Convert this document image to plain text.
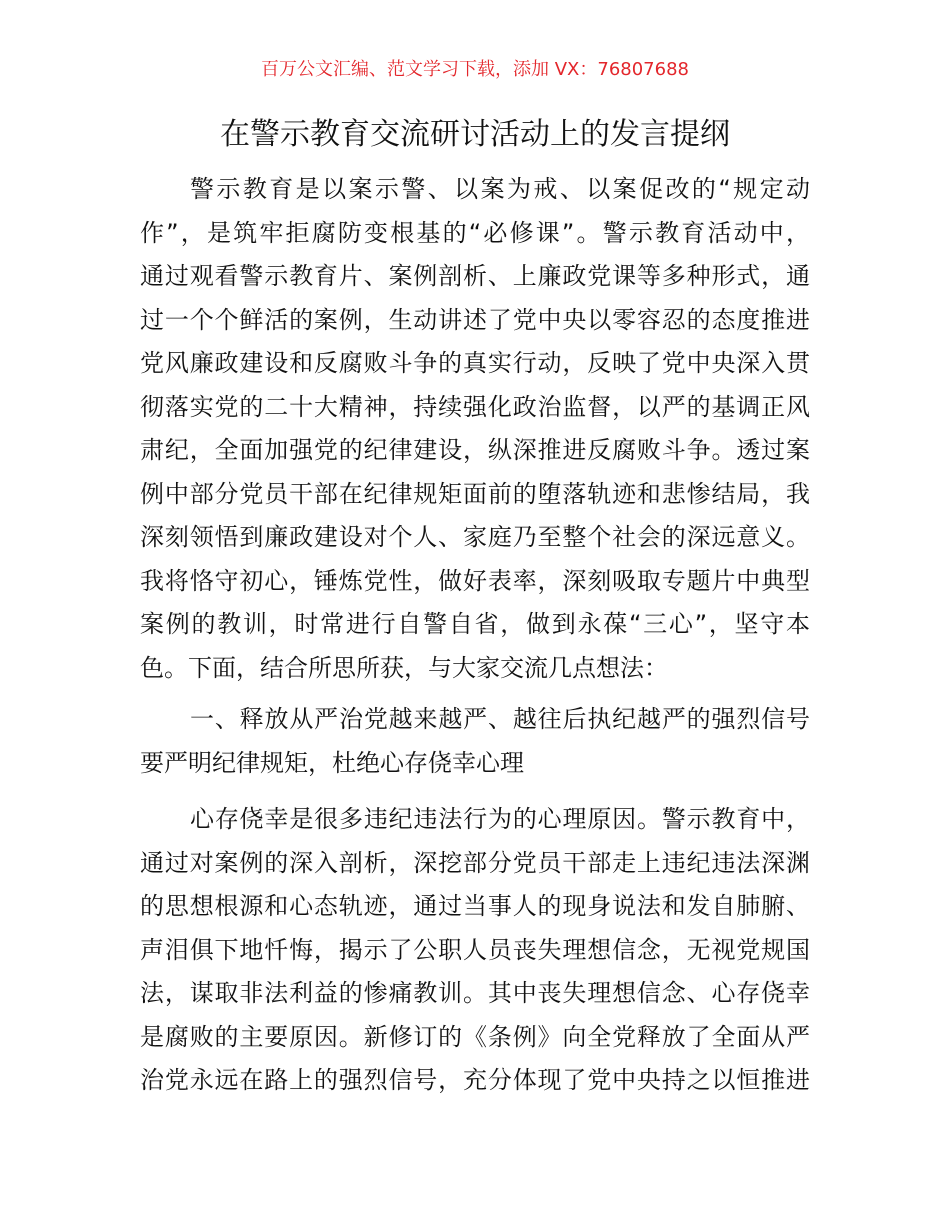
百万公文汇编、范文学习下载，添加 VX：76807688
在警示教育交流研讨活动上的发言提纲
警示教育是以案示警、以案为戒、以案促改的“规定动
作”，是筑牢拒腐防变根基的“必修课”。警示教育活动中，
通过观看警示教育片、案例剖析、上廉政党课等多种形式，通
过一个个鲜活的案例，生动讲述了党中央以零容忍的态度推进
党风廉政建设和反腐败斗争的真实行动，反映了党中央深入贯
彻落实党的二十大精神，持续强化政治监督，以严的基调正风
肃纪，全面加强党的纪律建设，纵深推进反腐败斗争。透过案
例中部分党员干部在纪律规矩面前的堕落轨迹和悲惨结局，我
深刻领悟到廉政建设对个人、家庭乃至整个社会的深远意义。
我将恪守初心，锤炼党性，做好表率，深刻吸取专题片中典型
案例的教训，时常进行自警自省，做到永葆“三心”，坚守本
色。下面，结合所思所获，与大家交流几点想法：
一、释放从严治党越来越严、越往后执纪越严的强烈信号
要严明纪律规矩，杜绝心存侥幸心理
心存侥幸是很多违纪违法行为的心理原因。警示教育中，
通过对案例的深入剖析，深挖部分党员干部走上违纪违法深渊
的思想根源和心态轨迹，通过当事人的现身说法和发自肺腑、
声泪俱下地忏悔，揭示了公职人员丧失理想信念，无视党规国
法，谋取非法利益的惨痛教训。其中丧失理想信念、心存侥幸
是腐败的主要原因。新修订的《条例》向全党释放了全面从严
治党永远在路上的强烈信号，充分体现了党中央持之以恒推进
